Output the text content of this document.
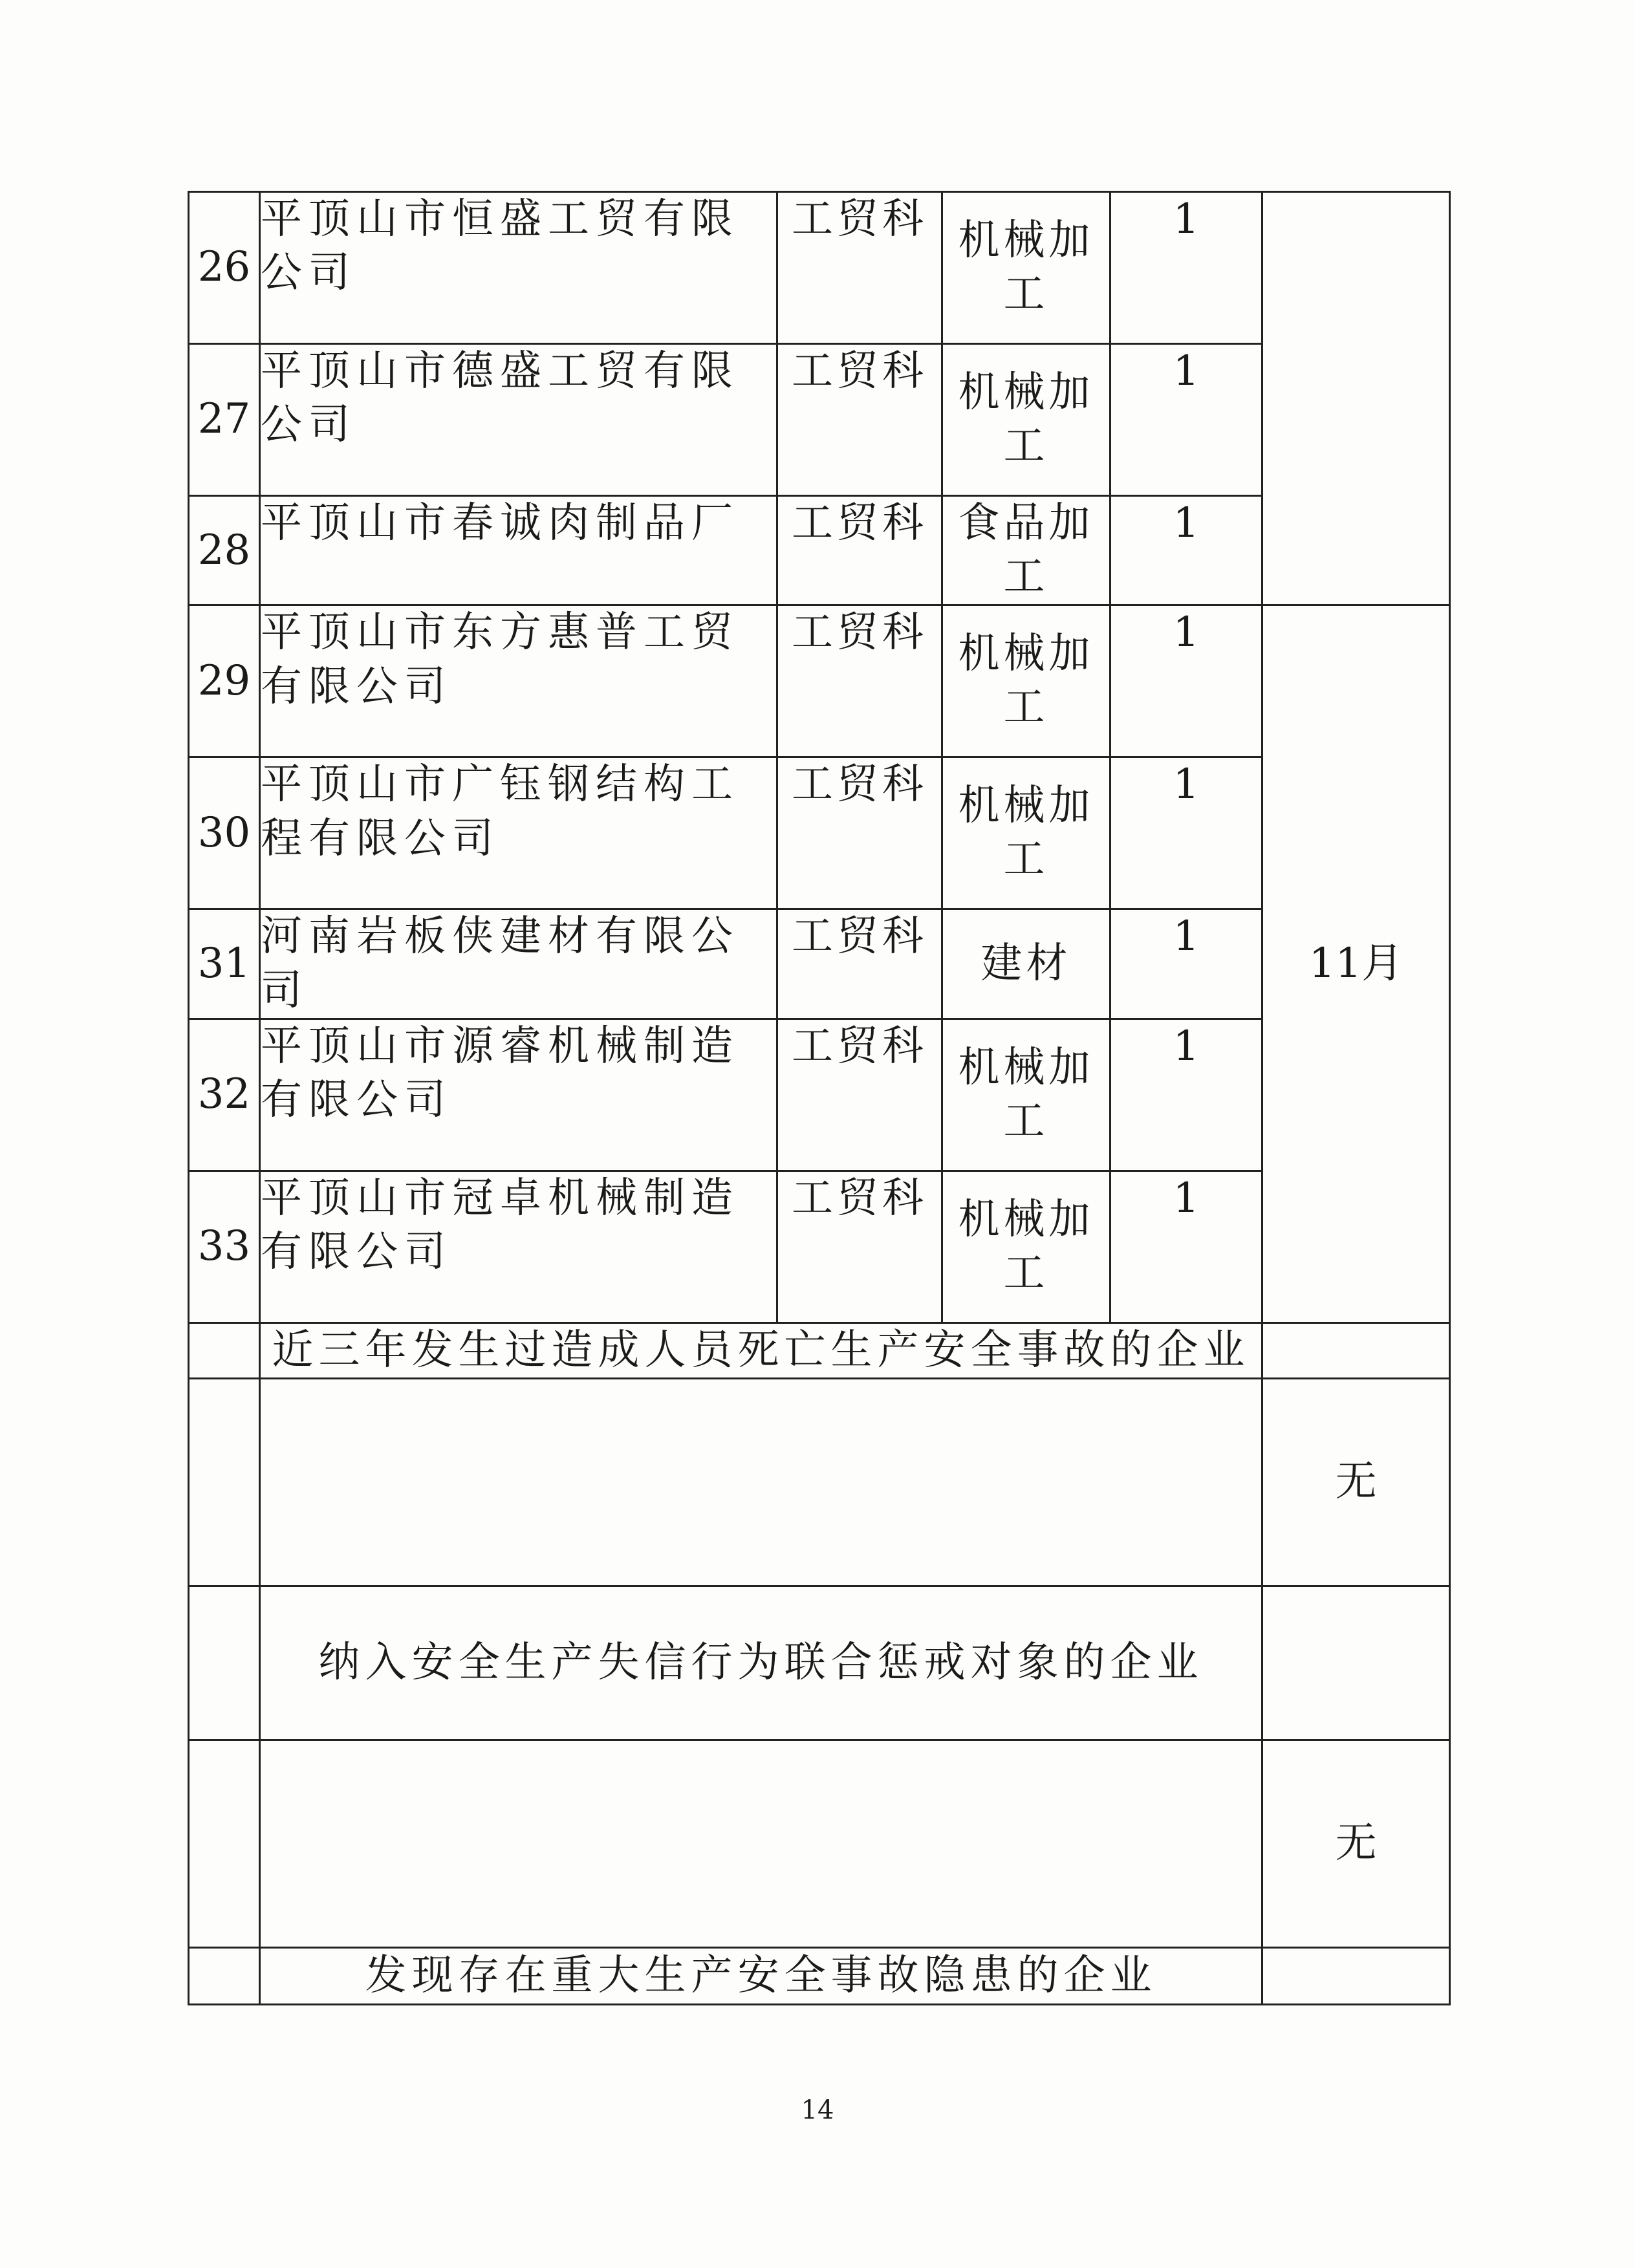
26	平顶山市恒盛工贸有限公司	工贸科	机械加工	1	
27	平顶山市德盛工贸有限公司	工贸科	机械加工	1	
28	平顶山市春诚肉制品厂	工贸科	食品加工	1	
29	平顶山市东方惠普工贸有限公司	工贸科	机械加工	1	11月
30	平顶山市广钰钢结构工程有限公司	工贸科	机械加工	1	
31	河南岩板侠建材有限公司	工贸科	建材	1	
32	平顶山市源睿机械制造有限公司	工贸科	机械加工	1	
33	平顶山市冠卓机械制造有限公司	工贸科	机械加工	1	
	近三年发生过造成人员死亡生产安全事故的企业				
					无
	纳入安全生产失信行为联合惩戒对象的企业				
					无
	发现存在重大生产安全事故隐患的企业				
14
